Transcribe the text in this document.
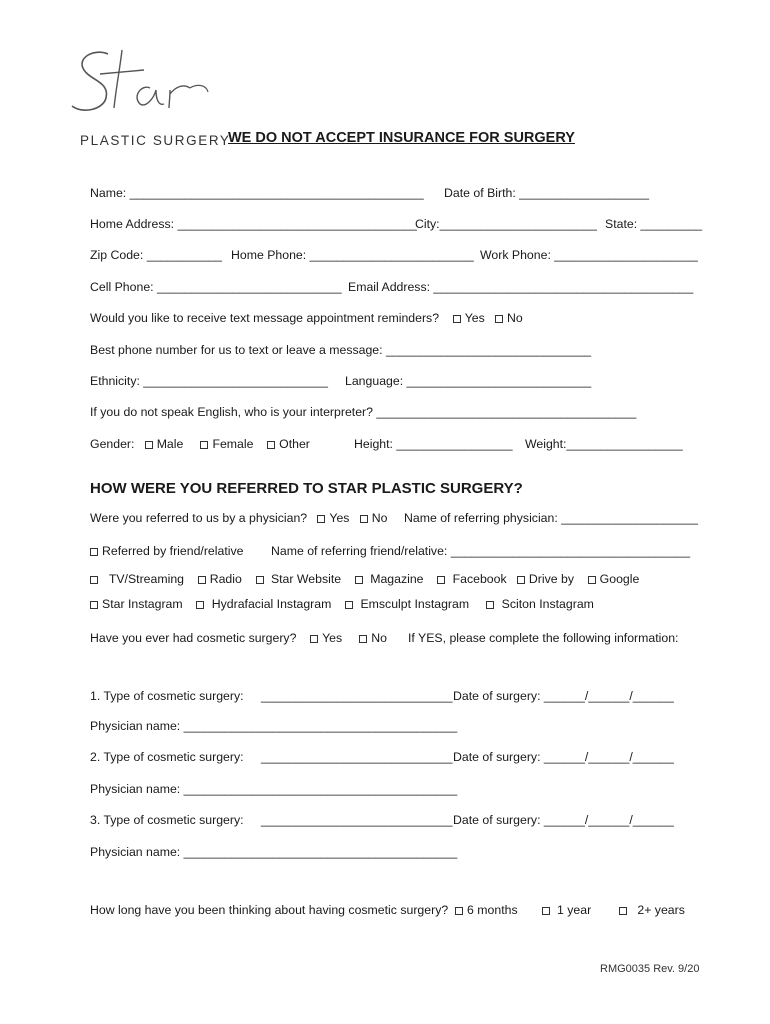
PLASTIC SURGERY
WE DO NOT ACCEPT INSURANCE FOR SURGERY
Name: ___________________________________________ Date of Birth: ___________________
Home Address: ___________________________________
City:_______________________ State: _________
Zip Code: ___________ Home Phone: ________________________ Work Phone: _____________________
Cell Phone: ___________________________ Email Address: ______________________________________
Would you like to receive text message appointment reminders? Yes No
Best phone number for us to text or leave a message: ______________________________
Ethnicity: ___________________________ Language: ___________________________
If you do not speak English, who is your interpreter? ______________________________________
Gender: Male Female Other	Height: _________________ Weight:_________________
HOW WERE YOU REFERRED TO STAR PLASTIC SURGERY?
Were you referred to us by a physician? Yes No Name of referring physician: ____________________
Referred by friend/relative Name of referring friend/relative: ___________________________________
TV/Streaming Radio Star Website Magazine Facebook Drive by Google
Star Instagram Hydrafacial Instagram Emsculpt Instagram	Sciton Instagram
Have you ever had cosmetic surgery? Yes No If YES, please complete the following information:
1. Type of cosmetic surgery: ____________________________ Date of surgery: ______/______/______
Physician name: ________________________________________
2. Type of cosmetic surgery: ____________________________ Date of surgery: ______/______/______
Physician name: ________________________________________
3. Type of cosmetic surgery: ____________________________ Date of surgery: ______/______/______
Physician name: ________________________________________
How long have you been thinking about having cosmetic surgery? 6 months	1 year	2+ years
RMG0035 Rev. 9/20
